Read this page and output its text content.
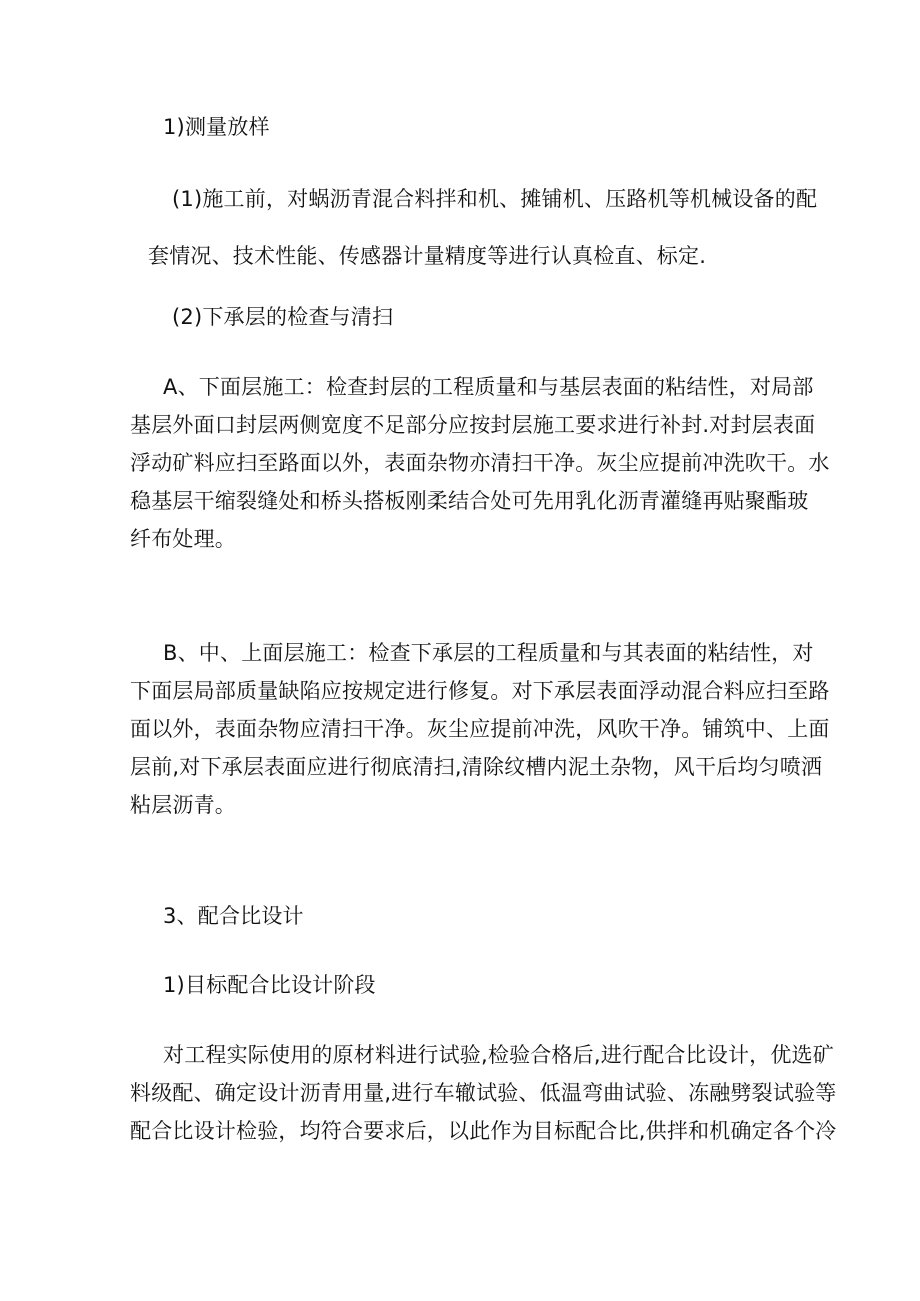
1)测量放样

(1)施工前，对蜗沥青混合料拌和机、摊铺机、压路机等机械设备的配
套情况、技术性能、传感器计量精度等进行认真检直、标定.

(2)下承层的检查与清扫

A、下面层施工：检查封层的工程质量和与基层表面的粘结性，对局部
基层外面口封层两侧宽度不足部分应按封层施工要求进行补封.对封层表面
浮动矿料应扫至路面以外，表面杂物亦清扫干净。灰尘应提前冲洗吹干。水
稳基层干缩裂缝处和桥头搭板刚柔结合处可先用乳化沥青灌缝再贴聚酯玻
纤布处理。

B、中、上面层施工：检查下承层的工程质量和与其表面的粘结性，对
下面层局部质量缺陷应按规定进行修复。对下承层表面浮动混合料应扫至路
面以外，表面杂物应清扫干净。灰尘应提前冲洗，风吹干净。铺筑中、上面
层前,对下承层表面应进行彻底清扫,清除纹槽内泥土杂物，风干后均匀喷洒
粘层沥青。

3、配合比设计

1)目标配合比设计阶段

对工程实际使用的原材料进行试验,检验合格后,进行配合比设计，优选矿
料级配、确定设计沥青用量,进行车辙试验、低温弯曲试验、冻融劈裂试验等
配合比设计检验，均符合要求后，以此作为目标配合比,供拌和机确定各个冷
